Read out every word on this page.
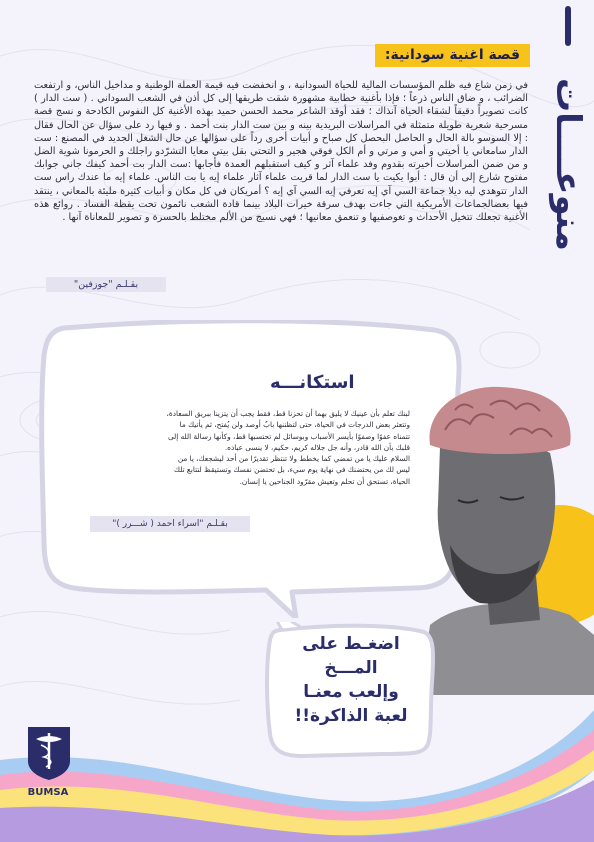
منوعــــات
قصة اغنية سودانية:
في زمن شاع فيه ظلم المؤسسات المالية للحياة السودانية ، و انخفضت فيه قيمة العملة الوطنية و مداخيل الناس، و ارتفعت الضرائب ، و ضاق الناس ذرعاً ؛ فإذا بأغنية خطابية مشهورة شقت طريقها إلى كل أذن في الشعب السوداني . ( ست الدار ) كانت تصويراً دقيقاً لشقاء الحياة آنذاك ؛ فقد أوقد الشاعر محمد الحسن حميد بهذه الأغنية كل النفوس الكادحة و نسج قصة مسرحية شعرية طويلة متمثلة في المراسلات البريدية بينه و بين ست الدار بنت أحمد . و فيها رد على سؤال عن الحال فقال : إلا السوسو بالة الحال و الحاصل البحصل كل صباح و أبيات أخرى رداً على سؤالها عن حال الشغل الجديد في المصنع : ست الدار سامعاني يا أخيتي و أمي و مرتي و أم الكل فوقي هجير و التحتي بقل بيتي معايا التشرّدو راجلك و الحرمونا شوية الضل و من ضمن المراسلات أخيرته بقدوم وفد علماء آثر و كيف استقبلهم العمدة فأجابها :ست الدار بت أحمد كيفك جاني جوابك مفتوح شارع إلى أن قال : أبوا يكيت يا ست الدار لما قريت علماء آثار علماء إيه يا بت الناس. علماء إيه ما عندك راس ست الدار تتوهدي ليه ديلا جماعة السي آي إيه تعرفي إيه السي آي إيه ؟ أمريكان في كل مكان و أبيات كثيرة مليئة بالمعاني ، ينتقد فيها بعضالجماعات الأمريكية التي جاءت بهدف سرقة خيرات البلاد بينما قادة الشعب نائمون تحت يقظة الفساد . روائع هذه الأغنية تجعلك تتخيل الأحداث و تغوصفيها و تنعمق معانيها ؛ فهي نسيج من الألم مختلط بالحسرة و تصوير للمعاناة آنها .
بقـلـم "جوزفين"
استكانـــه
لبنك تعلم بأن عينيك لا يليق بهما أن تحزنا قط، فقط يجب أن يتزينا ببريق السعادة،
وتتعثر بعض الدرجات في الحياة، حتى لتظننها بابٌ أوصد ولن يُفتح، ثم يأتيك ما
تتمناه عفوًا وصفوًا بأيسر الأسباب وبوسائل لم تحتسبها قط، وكأنها رسالة الله إلى
قلبك بأن الله قادر، وأنه جل جلاله كريم، حكيم، لا ينسى عباده.
السلام عليك يا من تمضي كما يخطط ولا تنتظر تقديرًا من أحد ليشجعك، يا من
ليس لك من يحتضنك في نهاية يوم سيء، بل تحتضن نفسك وتستيقظ لتتابع تلك
الحياة، تستحق أن تحلم وتعيش مقرّود الجناحين يا إنسان.
بقـلـم "اسراء احمد ( شـــرر )"
اضغـط على
المـــخ
وإلعب معنـا
لعبة الذاكرة!!
BUMSA
